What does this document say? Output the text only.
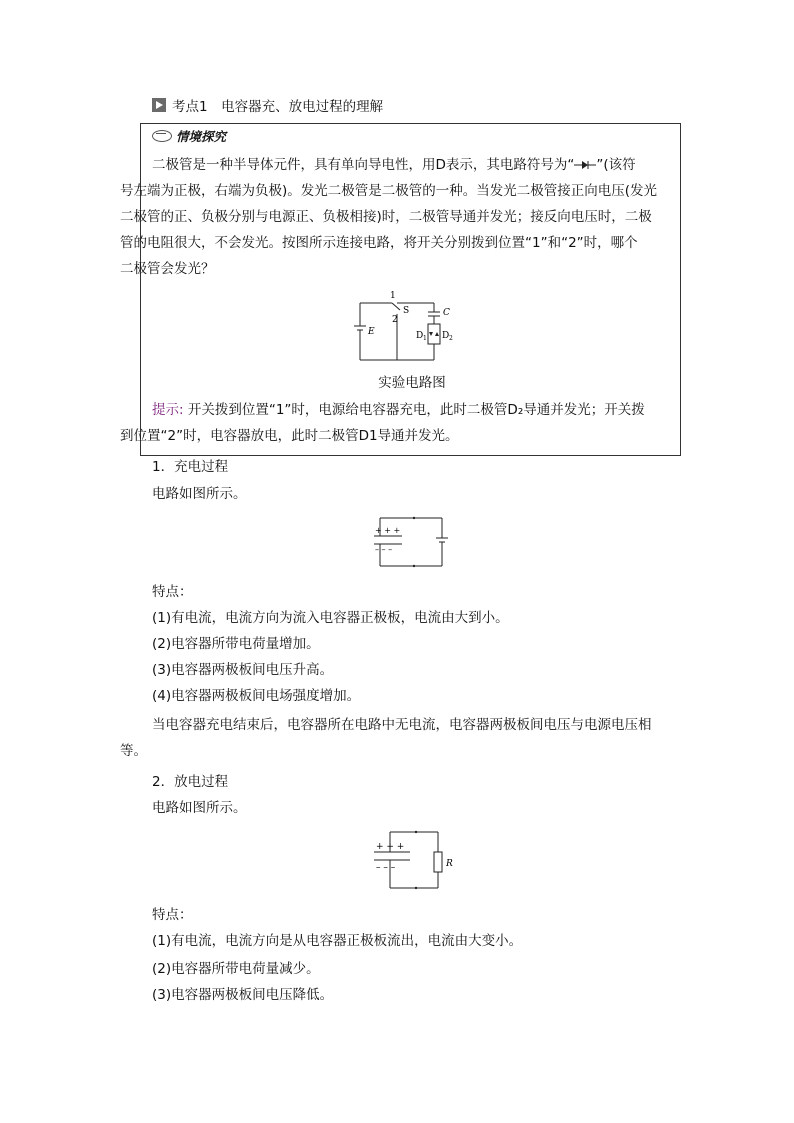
考点1　电容器充、放电过程的理解
情境探究
二极管是一种半导体元件，具有单向导电性，用D表示，其电路符号为“ ”(该符
号左端为正极，右端为负极)。发光二极管是二极管的一种。当发光二极管接正向电压(发光
二极管的正、负极分别与电源正、负极相接)时，二极管导通并发光；接反向电压时，二极
管的电阻很大，不会发光。按图所示连接电路，将开关分别拨到位置“1”和“2”时，哪个
二极管会发光？
1
2
S	C
E	D 1 D 2
实验电路图
提示: 开关拨到位置“1”时，电源给电容器充电，此时二极管D₂导通并发光；开关拨
到位置“2”时，电容器放电，此时二极管D1导通并发光。
1．充电过程
电路如图所示。
+ + +
– – –
特点：
(1)有电流，电流方向为流入电容器正极板，电流由大到小。
(2)电容器所带电荷量增加。
(3)电容器两极板间电压升高。
(4)电容器两极板间电场强度增加。
当电容器充电结束后，电容器所在电路中无电流，电容器两极板间电压与电源电压相
等。
2．放电过程
电路如图所示。
+ + +
– – –	R
特点：
(1)有电流，电流方向是从电容器正极板流出，电流由大变小。
(2)电容器所带电荷量减少。
(3)电容器两极板间电压降低。
